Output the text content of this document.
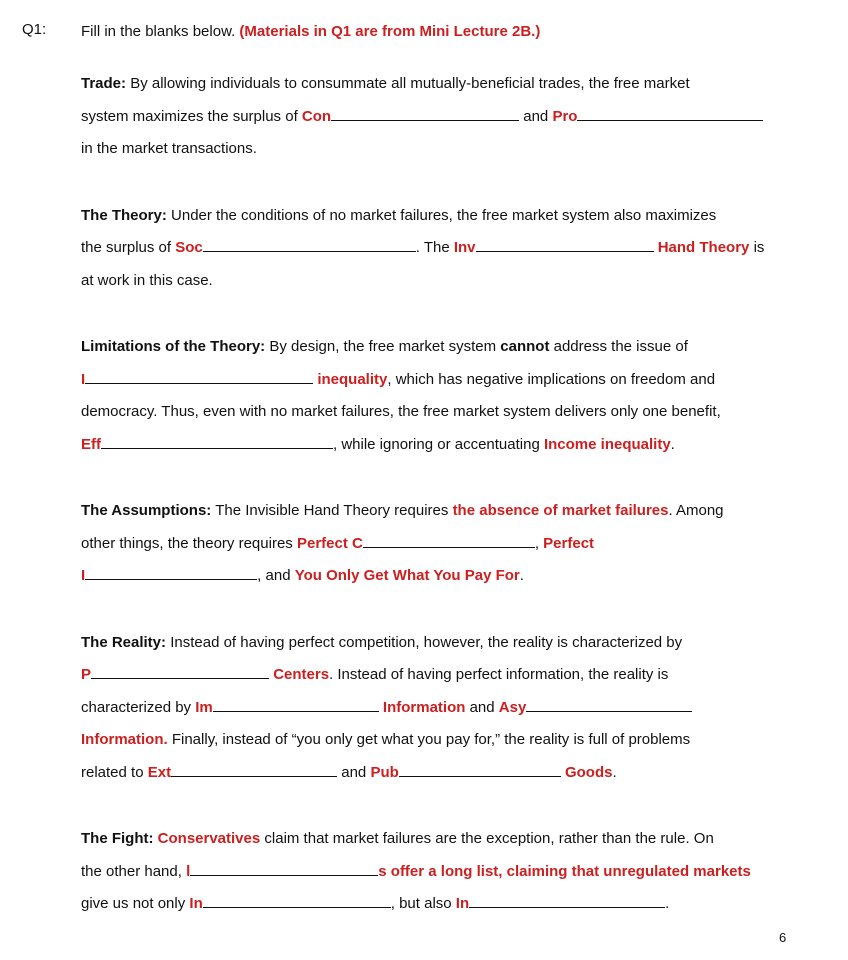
Q1: Fill in the blanks below. (Materials in Q1 are from Mini Lecture 2B.)

Trade: By allowing individuals to consummate all mutually-beneficial trades, the free market
system maximizes the surplus of Con	and Pro
in the market transactions.
The Theory: Under the conditions of no market failures, the free market system also maximizes
the surplus of Soc	. The Inv	Hand Theory is
at work in this case.
Limitations of the Theory: By design, the free market system cannot address the issue of
I	inequality, which has negative implications on freedom and
democracy. Thus, even with no market failures, the free market system delivers only one benefit,
Eff	, while ignoring or accentuating Income inequality.
The Assumptions: The Invisible Hand Theory requires the absence of market failures. Among
other things, the theory requires Perfect C	, Perfect
I	, and You Only Get What You Pay For.
The Reality: Instead of having perfect competition, however, the reality is characterized by
P	Centers. Instead of having perfect information, the reality is
characterized by Im	Information and Asy
Information. Finally, instead of “you only get what you pay for,” the reality is full of problems
related to Ext	and Pub	Goods.
The Fight: Conservatives claim that market failures are the exception, rather than the rule. On
the other hand, l	s offer a long list, claiming that unregulated markets
give us not only In	, but also In	.
6
